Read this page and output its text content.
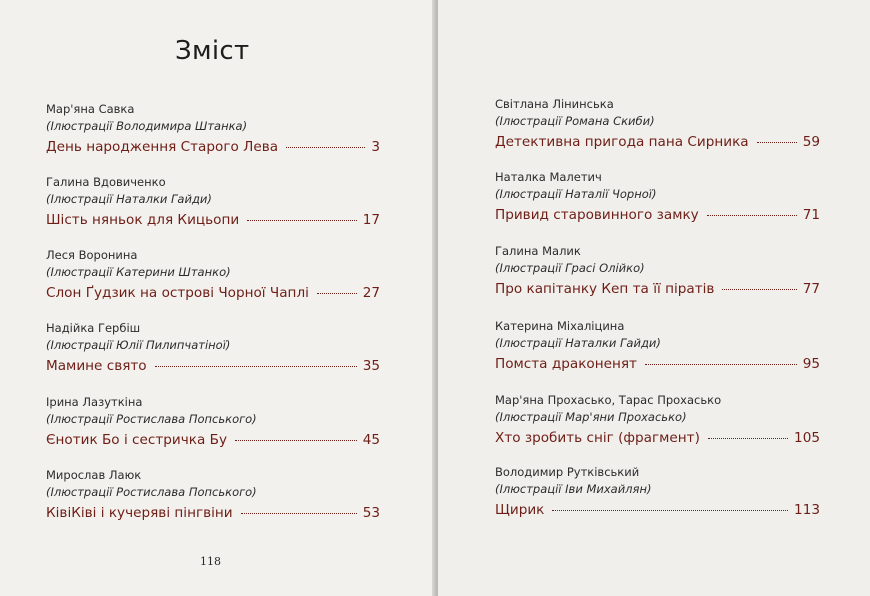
Зміст
Мар'яна Савка
(Ілюстрації Володимира Штанка)
День народження Старого Лева	3
Галина Вдовиченко
(Ілюстрації Наталки Гайди)
Шість няньок для Кицьопи	17
Леся Воронина
(Ілюстрації Катерини Штанко)
Слон Ґудзик на острові Чорної Чаплі	27
Надійка Гербіш
(Ілюстрації Юлії Пилипчатіної)
Мамине свято	35
Ірина Лазуткіна
(Ілюстрації Ростислава Попського)
Єнотик Бо і сестричка Бу	45
Мирослав Лаюк
(Ілюстрації Ростислава Попського)
КівіКіві і кучеряві пінгвіни	53
118
Світлана Лінинська
(Ілюстрації Романа Скиби)
Детективна пригода пана Сирника	59
Наталка Малетич
(Ілюстрації Наталії Чорної)
Привид старовинного замку	71
Галина Малик
(Ілюстрації Грасі Олійко)
Про капітанку Кеп та її піратів	77
Катерина Міхаліцина
(Ілюстрації Наталки Гайди)
Помста драконенят	95
Мар'яна Прохасько, Тарас Прохасько
(Ілюстрації Мар'яни Прохасько)
Хто зробить сніг (фрагмент)	105
Володимир Рутківський
(Ілюстрації Іви Михайлян)
Щирик	113
